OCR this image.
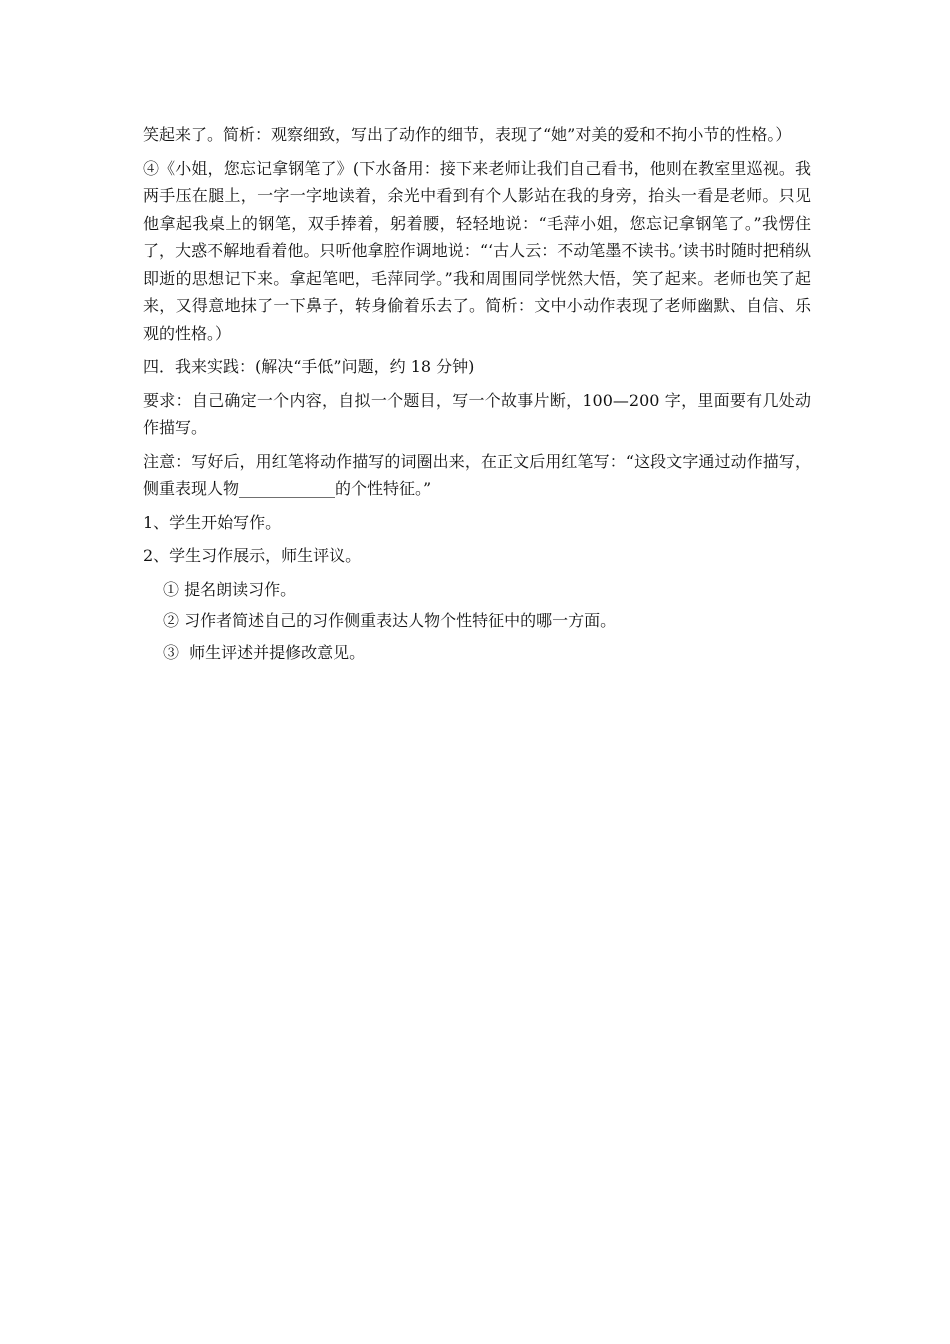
笑起来了。简析：观察细致，写出了动作的细节，表现了“她”对美的爱和不拘小节的性格。）

④《小姐，您忘记拿钢笔了》(下水备用：接下来老师让我们自己看书，他则在教室里巡视。我两手压在腿上，一字一字地读着，余光中看到有个人影站在我的身旁，抬头一看是老师。只见他拿起我桌上的钢笔，双手捧着，躬着腰，轻轻地说：“毛萍小姐，您忘记拿钢笔了。”我愣住了，大惑不解地看着他。只听他拿腔作调地说：“‘古人云：不动笔墨不读书。’读书时随时把稍纵即逝的思想记下来。拿起笔吧，毛萍同学。”我和周围同学恍然大悟，笑了起来。老师也笑了起来，又得意地抹了一下鼻子，转身偷着乐去了。简析：文中小动作表现了老师幽默、自信、乐观的性格。）

四．我来实践：(解决“手低”问题，约 18 分钟)

要求：自己确定一个内容，自拟一个题目，写一个故事片断，100—200 字，里面要有几处动作描写。

注意：写好后，用红笔将动作描写的词圈出来，在正文后用红笔写：“这段文字通过动作描写，侧重表现人物____________的个性特征。”

1、学生开始写作。

2、学生习作展示，师生评议。

① 提名朗读习作。

② 习作者简述自己的习作侧重表达人物个性特征中的哪一方面。

③  师生评述并提修改意见。
